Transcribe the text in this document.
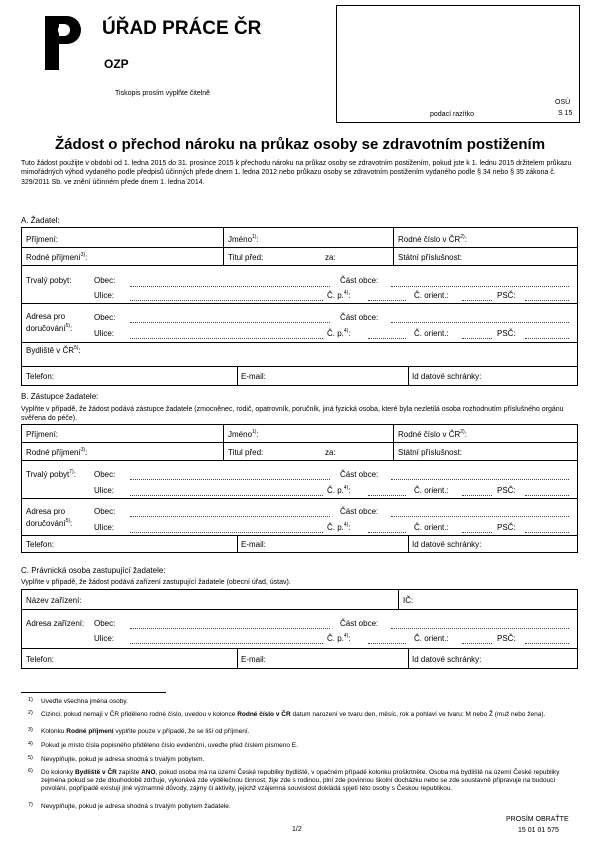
ÚŘAD PRÁCE ČR
OZP
Tiskopis prosím vyplňte čitelně
podací razítko
OSÚ
S 15
Žádost o přechod nároku na průkaz osoby se zdravotním postižením
Tuto žádost použijte v období od 1. ledna 2015 do 31. prosince 2015 k přechodu nároku na průkaz osoby se zdravotním postižením, pokud jste k 1. lednu 2015 držitelem průkazu mimořádných výhod vydaného podle předpisů účinných přede dnem 1. ledna 2012 nebo průkazu osoby se zdravotním postižením vydaného podle § 34 nebo § 35 zákona č. 329/2011 Sb. ve znění účinném přede dnem 1. ledna 2014.
A. Žadatel:
Příjmení:	Jméno$^{1)}$:	Rodné číslo v ČR$^{2)}$:
Rodné příjmení$^{3)}$:	Titul před:	za:	Státní příslušnost:
Trvalý pobyt:	Obec:	Část obce:
Ulice:	Č. p.$^{4)}$:	Č. orient.:	PSČ:
Adresa pro
doručování$^{5)}$:
Obec:	Část obce:
Ulice:	Č. p.$^{4)}$:	Č. orient.:	PSČ:
Bydliště v ČR$^{5)}$:
Telefon:	E-mail:	Id datové schránky:
B. Zástupce žadatele:
Vyplňte v případě, že žádost podává zástupce žadatele (zmocněnec, rodič, opatrovník, poručník, jiná fyzická osoba, které byla nezletilá osoba rozhodnutím příslušného orgánu svěřena do péče).
Příjmení:	Jméno$^{1)}$:	Rodné číslo v ČR$^{2)}$:
Rodné příjmení$^{3)}$:	Titul před:	za:	Státní příslušnost:
Trvalý pobyt$^{7)}$: Obec:	Část obce:
Ulice:	Č. p.$^{4)}$:	Č. orient.:	PSČ:
Adresa pro
doručování$^{5)}$:
Obec:	Část obce:
Ulice:	Č. p.$^{4)}$:	Č. orient.:	PSČ:
Telefon:	E-mail:	Id datové schránky:
C. Právnická osoba zastupující žadatele:
Vyplňte v případě, že žádost podává zařízení zastupující žadatele (obecní úřad, ústav).
Název zařízení:	IČ:
Adresa zařízení: Obec:	Část obce:
Ulice:	Č. p.$^{4)}$:	Č. orient.:	PSČ:
Telefon:	E-mail:	Id datové schránky:
1) Uveďte všechna jména osoby.
2) Cizinci, pokud nemají v ČR přiděleno rodné číslo, uvedou v kolonce Rodné číslo v ČR datum narození ve tvaru den, měsíc, rok a pohlaví ve tvaru: M nebo Ž (muž nebo žena).
3) Kolonku Rodné příjmení vyplňte pouze v případě, že se liší od příjmení.
4) Pokud je místo čísla popisného přiděleno číslo evidenční, uveďte před číslem písmeno E.
5) Nevyplňujte, pokud je adresa shodná s trvalým pobytem.
6) Do kolonky Bydliště v ČR zapište ANO, pokud osoba má na území České republiky bydliště, v opačném případě kolonku proškrtněte. Osoba má bydliště na území České republiky zejména pokud se zde dlouhodobě zdržuje, vykonává zde výdělečnou činnost, žije zde s rodinou, plní zde povinnou školní docházku nebo se zde soustavně připravuje na budoucí povolání, popřípadě existují jiné významné důvody, zájmy či aktivity, jejichž vzájemná souvislost dokládá spjetí této osoby s Českou republikou.
7) Nevyplňujte, pokud je adresa shodná s trvalým pobytem žadatele.
1/2
PROSÍM OBRAŤTE
15 01 01 575
